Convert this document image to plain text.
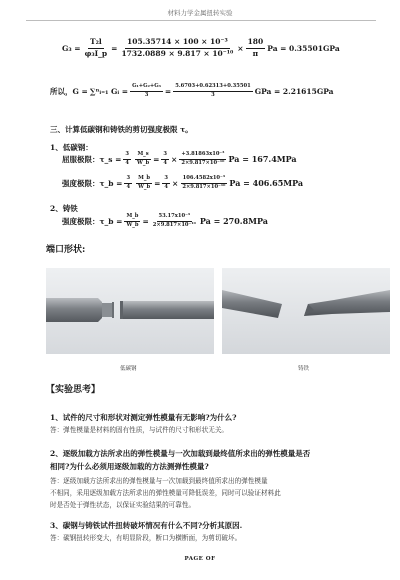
材料力学金属扭转实验
$G_3 = \frac{\text{T₂l}}{\text{φ₃I\_p}} = \frac{\text{105.35714 × 100 × 10⁻³}}{\text{1732.0889 × 9.817 × 10⁻¹⁰}} \times \frac{180}{\pi}$ Pa = 0.35501GPa
所以，G = ∑ⁿᵢ₌₁ Gᵢ = $\frac{\text{G₁+G₂+G₃}}{3} = \frac{5.6703+0.62313+0.35501}{3}$ GPa = 2.21615GPa
三、计算低碳钢和铸铁的剪切强度极限 τ。
1、低碳钢：
屈服极限：τ_s = $\frac{3}{4} \frac{M\_s}{W\_b} = \frac{3}{4} \times \frac{\text{+3.81863x10⁻³}}{\text{2×9.817×10⁻¹⁰}}$ Pa = 167.4MPa
强度极限：τ_b = $\frac{3}{4} \frac{M\_b}{W\_b} = \frac{3}{4} \times \frac{\text{106.4582x10⁻³}}{\text{2×9.817×10⁻¹⁰}}$ Pa = 406.65MPa
2、铸铁
强度极限：τ_b = $\frac{M\_b}{W\_b} = \frac{\text{53.17x10⁻³}}{\text{2×9.817×10⁻¹⁰}}$ Pa = 270.8MPa
端口形状:
低碳钢	铸铁
【实验思考】
1、试件的尺寸和形状对测定弹性模量有无影响?为什么?
答：弹性模量是材料的固有性质，与试件的尺寸和形状无关。
2、逐级加载方法所求出的弹性模量与一次加载到最终值所求出的弹性模量是否
相同?为什么必须用逐级加载的方法测弹性模量?
答：逐级加载方法所求出的弹性模量与一次加载到最终值所求出的弹性模量
不相同，采用逐级加载方法所求出的弹性模量可降低误差，同时可以验证材料此
时是否处于弹性状态，以保证实验结果的可靠性。
3、碳钢与铸铁试件扭转破坏情况有什么不同?分析其原因.
答：碳钢扭转形变大，有明显阶段，断口为横断面，为剪切破坏。
PAGE OF
